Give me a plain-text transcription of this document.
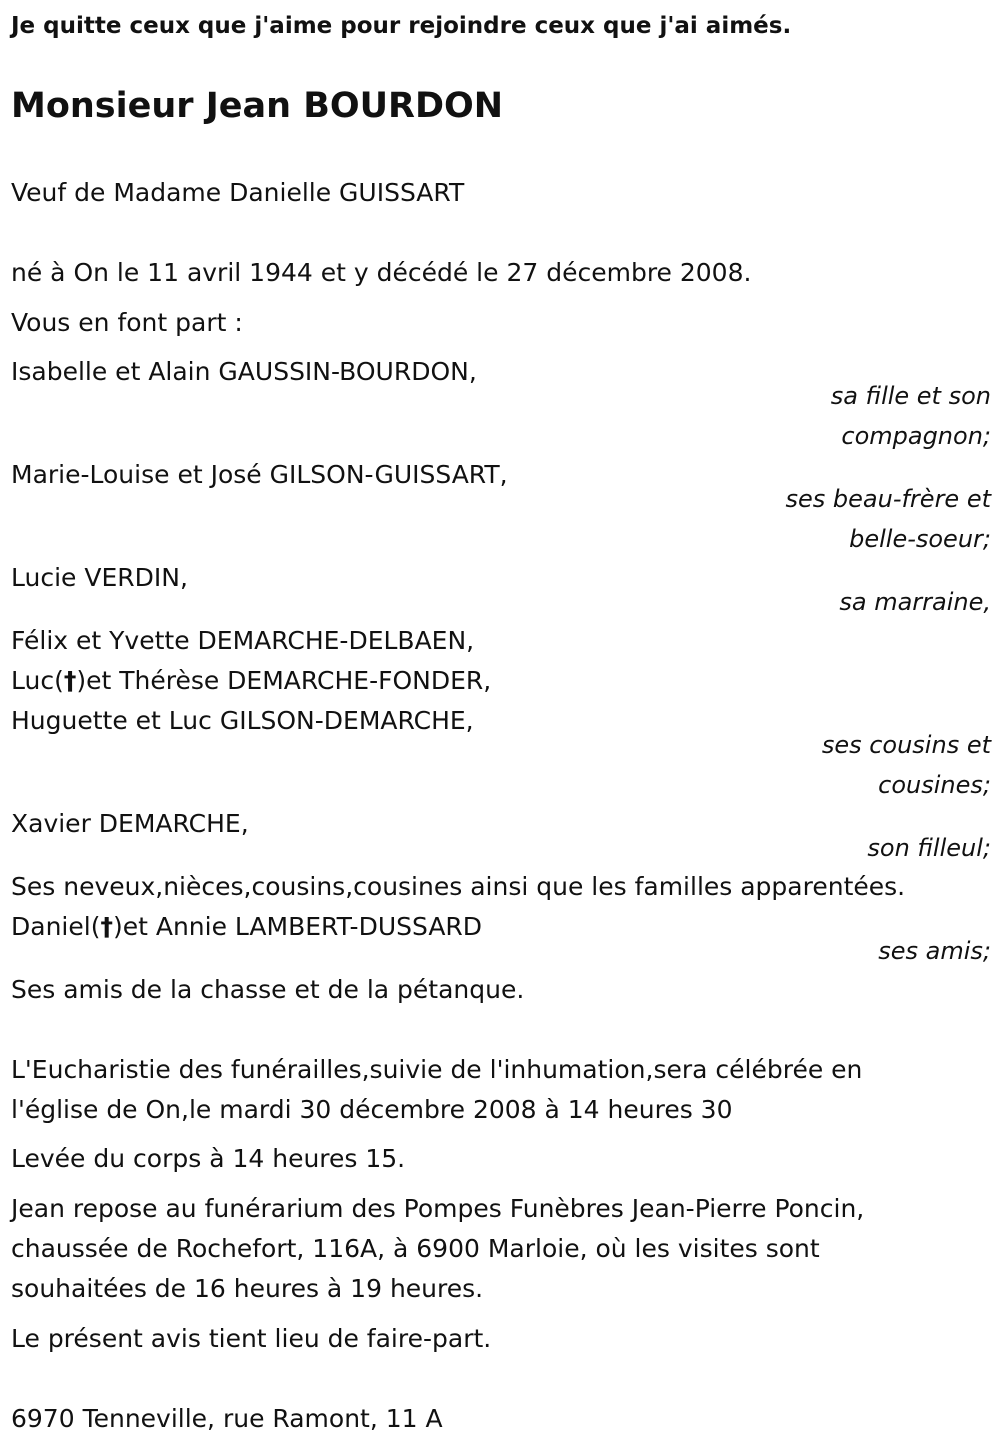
Je quitte ceux que j'aime pour rejoindre ceux que j'ai aimés.
Monsieur Jean BOURDON
Veuf de Madame Danielle GUISSART
né à On le 11 avril 1944 et y décédé le 27 décembre 2008.
Vous en font part :
Isabelle et Alain GAUSSIN-BOURDON,
sa fille et son
compagnon;
Marie-Louise et José GILSON-GUISSART,
ses beau-frère et
belle-soeur;
Lucie VERDIN,
sa marraine,
Félix et Yvette DEMARCHE-DELBAEN,
Luc(†)et Thérèse DEMARCHE-FONDER,
Huguette et Luc GILSON-DEMARCHE,
ses cousins et
cousines;
Xavier DEMARCHE,
son filleul;
Ses neveux,nièces,cousins,cousines ainsi que les familles apparentées.
Daniel(†)et Annie LAMBERT-DUSSARD
ses amis;
Ses amis de la chasse et de la pétanque.
L'Eucharistie des funérailles,suivie de l'inhumation,sera célébrée en
l'église de On,le mardi 30 décembre 2008 à 14 heures 30
Levée du corps à 14 heures 15.
Jean repose au funérarium des Pompes Funèbres Jean-Pierre Poncin,
chaussée de Rochefort, 116A, à 6900 Marloie, où les visites sont
souhaitées de 16 heures à 19 heures.
Le présent avis tient lieu de faire-part.
6970 Tenneville, rue Ramont, 11 A
